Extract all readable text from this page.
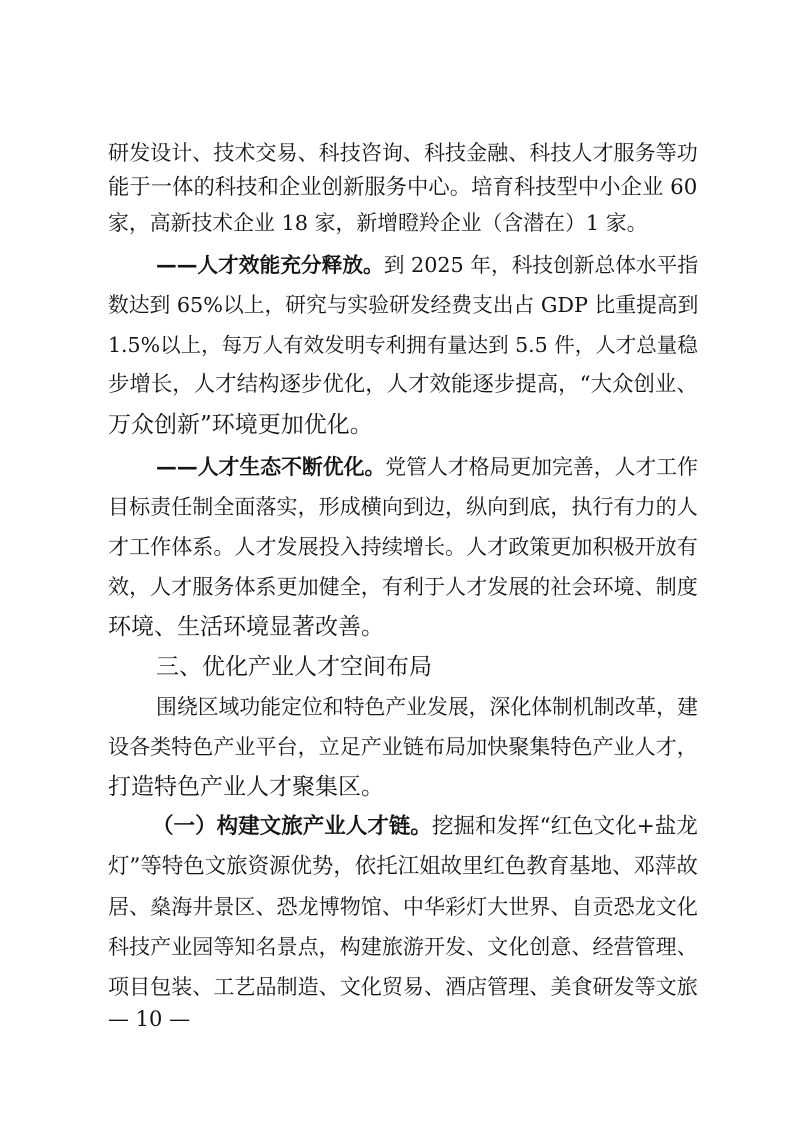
研发设计、技术交易、科技咨询、科技金融、科技人才服务等功
能于一体的科技和企业创新服务中心。培育科技型中小企业 60
家，高新技术企业 18 家，新增瞪羚企业（含潜在）1 家。
——人才效能充分释放。到 2025 年，科技创新总体水平指
数达到 65%以上，研究与实验研发经费支出占 GDP 比重提高到
1.5%以上，每万人有效发明专利拥有量达到 5.5 件，人才总量稳
步增长，人才结构逐步优化，人才效能逐步提高，“大众创业、
万众创新”环境更加优化。
——人才生态不断优化。党管人才格局更加完善，人才工作
目标责任制全面落实，形成横向到边，纵向到底，执行有力的人
才工作体系。人才发展投入持续增长。人才政策更加积极开放有
效，人才服务体系更加健全，有利于人才发展的社会环境、制度
环境、生活环境显著改善。
三、优化产业人才空间布局
围绕区域功能定位和特色产业发展，深化体制机制改革，建
设各类特色产业平台，立足产业链布局加快聚集特色产业人才，
打造特色产业人才聚集区。
（一）构建文旅产业人才链。挖掘和发挥“红色文化+盐龙
灯”等特色文旅资源优势，依托江姐故里红色教育基地、邓萍故
居、燊海井景区、恐龙博物馆、中华彩灯大世界、自贡恐龙文化
科技产业园等知名景点，构建旅游开发、文化创意、经营管理、
项目包装、工艺品制造、文化贸易、酒店管理、美食研发等文旅
— 10 —
